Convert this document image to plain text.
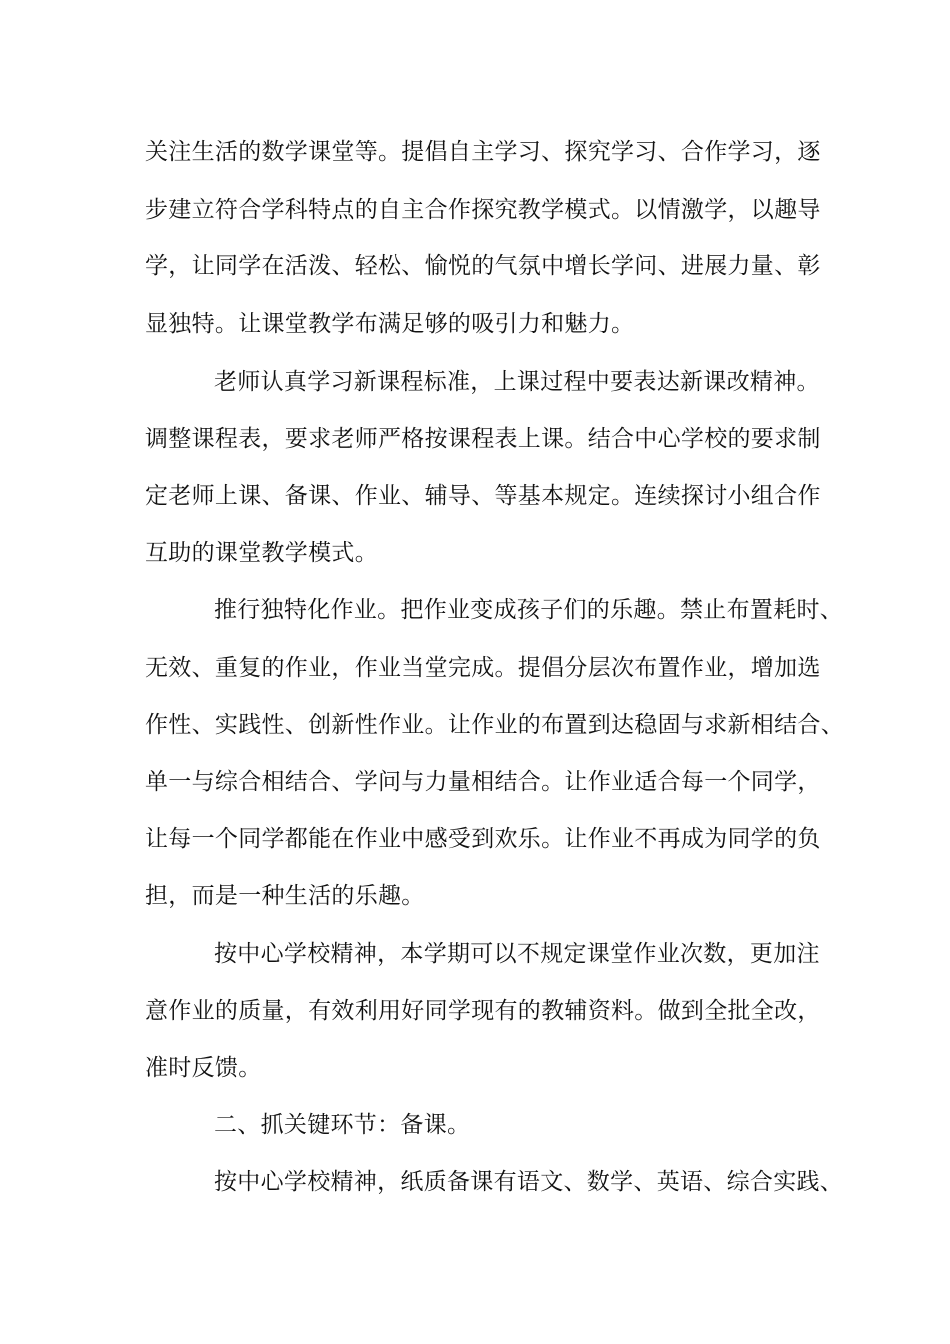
关注生活的数学课堂等。提倡自主学习、探究学习、合作学习，逐
步建立符合学科特点的自主合作探究教学模式。以情激学，以趣导
学，让同学在活泼、轻松、愉悦的气氛中增长学问、进展力量、彰
显独特。让课堂教学布满足够的吸引力和魅力。
老师认真学习新课程标准，上课过程中要表达新课改精神。
调整课程表，要求老师严格按课程表上课。结合中心学校的要求制
定老师上课、备课、作业、辅导、等基本规定。连续探讨小组合作
互助的课堂教学模式。
推行独特化作业。把作业变成孩子们的乐趣。禁止布置耗时、
无效、重复的作业，作业当堂完成。提倡分层次布置作业，增加选
作性、实践性、创新性作业。让作业的布置到达稳固与求新相结合、
单一与综合相结合、学问与力量相结合。让作业适合每一个同学，
让每一个同学都能在作业中感受到欢乐。让作业不再成为同学的负
担，而是一种生活的乐趣。
按中心学校精神，本学期可以不规定课堂作业次数，更加注
意作业的质量，有效利用好同学现有的教辅资料。做到全批全改，
准时反馈。
二、抓关键环节：备课。
按中心学校精神，纸质备课有语文、数学、英语、综合实践、
